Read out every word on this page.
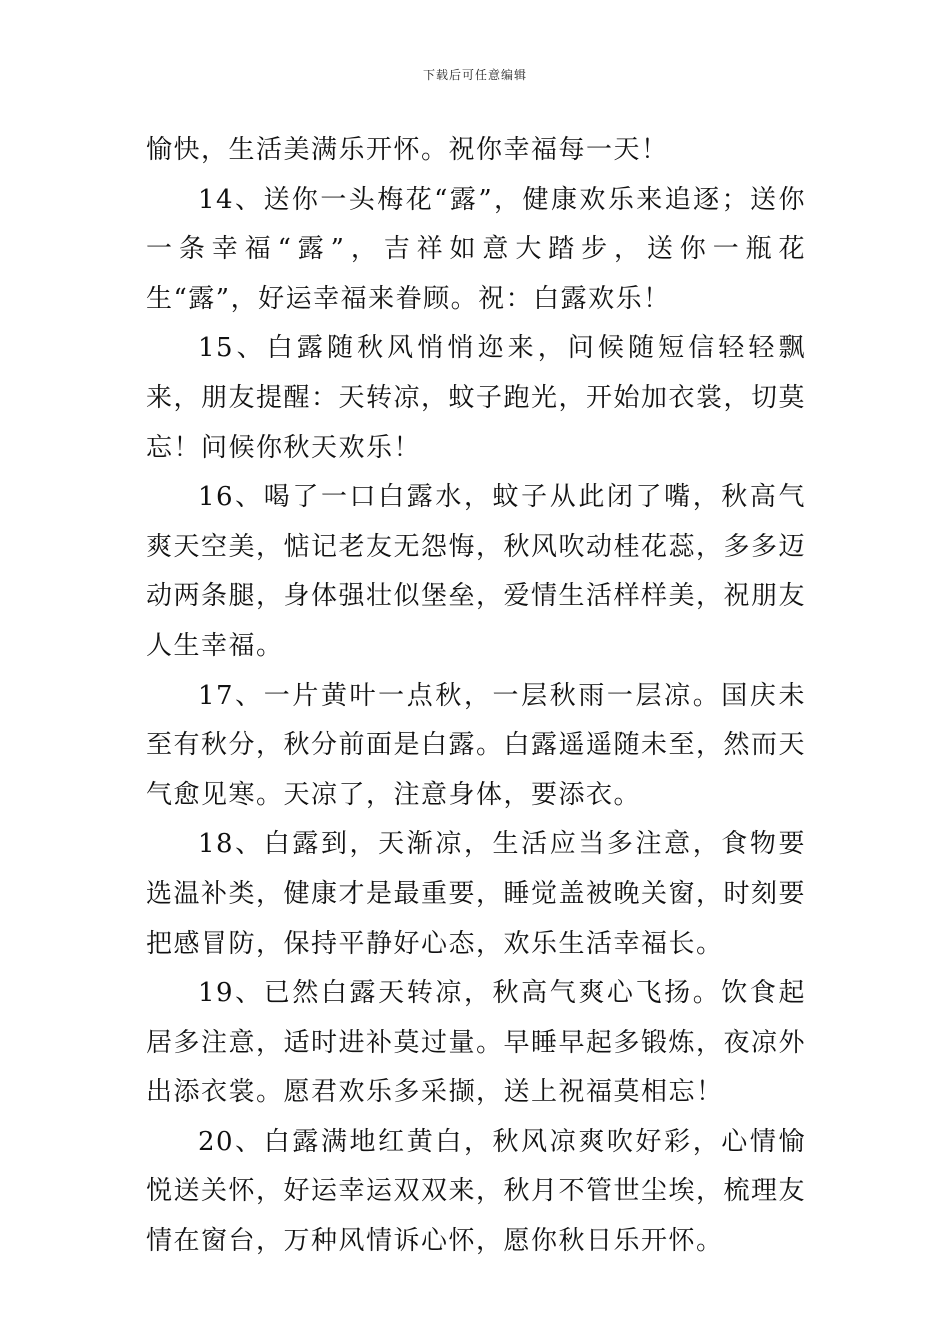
下载后可任意编辑

愉快，生活美满乐开怀。祝你幸福每一天！

14、送你一头梅花“露”，健康欢乐来追逐；送你一条幸福“露”，吉祥如意大踏步，送你一瓶花生“露”，好运幸福来眷顾。祝：白露欢乐！

15、白露随秋风悄悄迩来，问候随短信轻轻飘来，朋友提醒：天转凉，蚊子跑光，开始加衣裳，切莫忘！问候你秋天欢乐！

16、喝了一口白露水，蚊子从此闭了嘴，秋高气爽天空美，惦记老友无怨悔，秋风吹动桂花蕊，多多迈动两条腿，身体强壮似堡垒，爱情生活样样美，祝朋友人生幸福。

17、一片黄叶一点秋，一层秋雨一层凉。国庆未至有秋分，秋分前面是白露。白露遥遥随未至，然而天气愈见寒。天凉了，注意身体，要添衣。

18、白露到，天渐凉，生活应当多注意，食物要选温补类，健康才是最重要，睡觉盖被晚关窗，时刻要把感冒防，保持平静好心态，欢乐生活幸福长。

19、已然白露天转凉，秋高气爽心飞扬。饮食起居多注意，适时进补莫过量。早睡早起多锻炼，夜凉外出添衣裳。愿君欢乐多采撷，送上祝福莫相忘！

20、白露满地红黄白，秋风凉爽吹好彩，心情愉悦送关怀，好运幸运双双来，秋月不管世尘埃，梳理友情在窗台，万种风情诉心怀，愿你秋日乐开怀。
